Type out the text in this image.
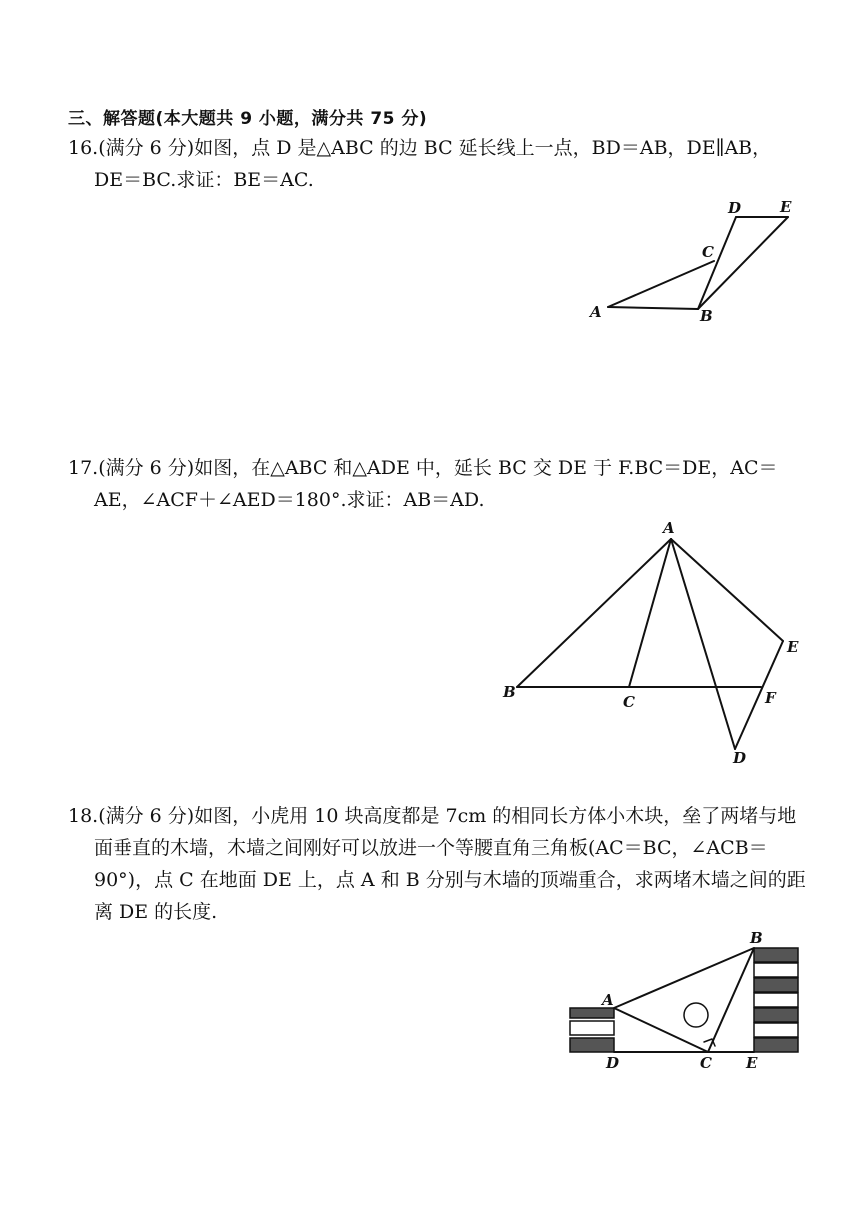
三、解答题(本大题共 9 小题，满分共 75 分)
16.(满分 6 分)如图，点 D 是△ABC 的边 BC 延长线上一点，BD＝AB，DE∥AB，
DE＝BC.求证：BE＝AC.
A	B
C
D	E
17.(满分 6 分)如图，在△ABC 和△ADE 中，延长 BC 交 DE 于 F.BC＝DE，AC＝
AE，∠ACF＋∠AED＝180°.求证：AB＝AD.
A
B
C
D
E
F
18.(满分 6 分)如图，小虎用 10 块高度都是 7cm 的相同长方体小木块，垒了两堵与地
面垂直的木墙，木墙之间刚好可以放进一个等腰直角三角板(AC＝BC，∠ACB＝
90°)，点 C 在地面 DE 上，点 A 和 B 分别与木墙的顶端重合，求两堵木墙之间的距
离 DE 的长度.
A
B
C
D	E
